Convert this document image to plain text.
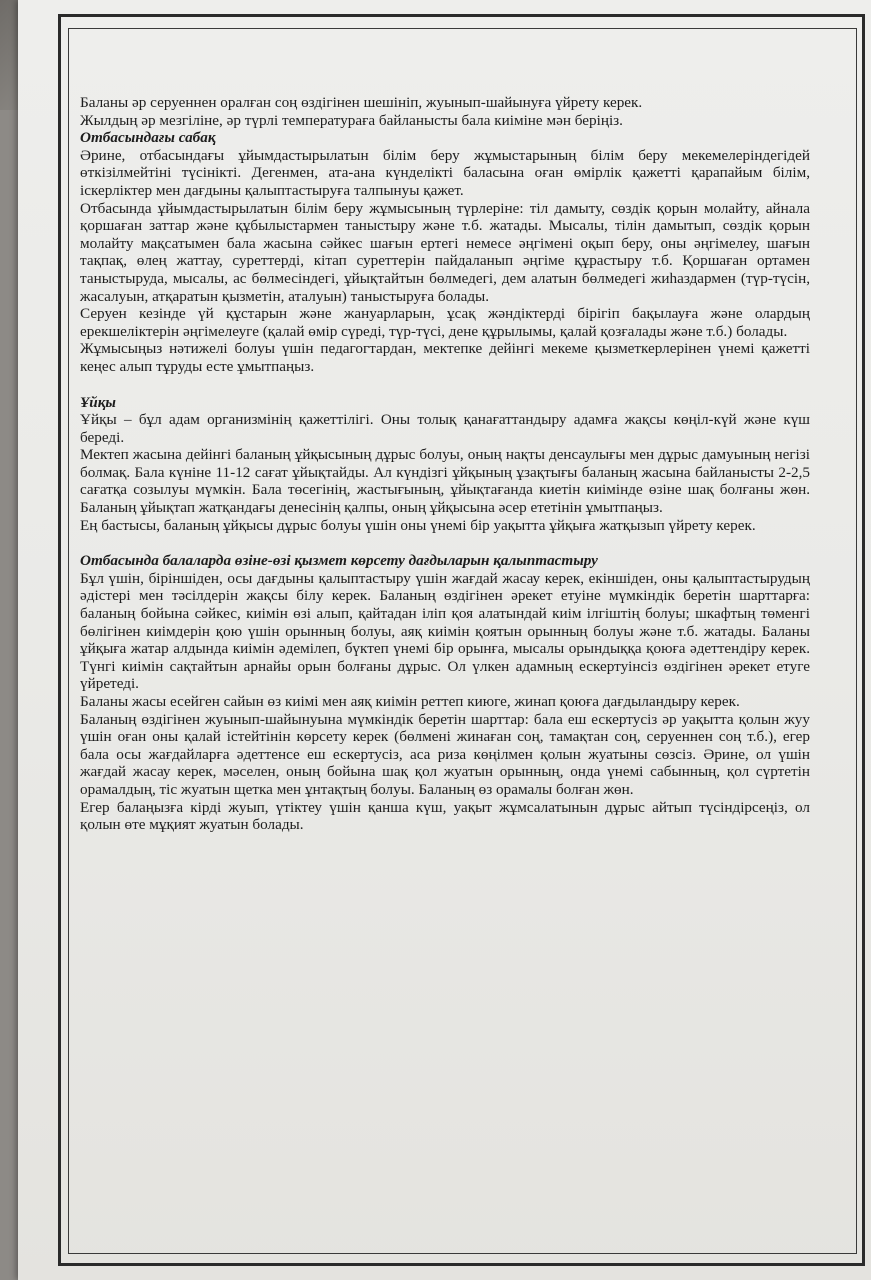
Баланы әр серуеннен оралған соң өздігінен шешініп, жуынып-шайынуға үйрету керек.

Жылдың әр мезгіліне, әр түрлі температураға байланысты бала киіміне мән беріңіз.

Отбасындағы сабақ

Әрине, отбасындағы ұйымдастырылатын білім беру жұмыстарының білім беру мекемелеріндегідей өткізілмейтіні түсінікті. Дегенмен, ата-ана күнделікті баласына оған өмірлік қажетті қарапайым білім, іскерліктер мен дағдыны қалыптастыруға талпынуы қажет.

Отбасында ұйымдастырылатын білім беру жұмысының түрлеріне: тіл дамыту, сөздік қорын молайту, айнала қоршаған заттар және құбылыстармен таныстыру және т.б. жатады. Мысалы, тілін дамытып, сөздік қорын молайту мақсатымен бала жасына сәйкес шағын ертегі немесе әңгімені оқып беру, оны әңгімелеу, шағын тақпақ, өлең жаттау, суреттерді, кітап суреттерін пайдаланып әңгіме құрастыру т.б. Қоршаған ортамен таныстыруда, мысалы, ас бөлмесіндегі, ұйықтайтын бөлмедегі, дем алатын бөлмедегі жиһаздармен (түр-түсін, жасалуын, атқаратын қызметін, аталуын) таныстыруға болады.

Серуен кезінде үй құстарын және жануарларын, ұсақ жәндіктерді бірігіп бақылауға және олардың ерекшеліктерін әңгімелеуге (қалай өмір сүреді, түр-түсі, дене құрылымы, қалай қозғалады және т.б.) болады.

Жұмысыңыз нәтижелі болуы үшін педагогтардан, мектепке дейінгі мекеме қызметкерлерінен үнемі қажетті кеңес алып тұруды есте ұмытпаңыз.

Ұйқы

Ұйқы – бұл адам организмінің қажеттілігі. Оны толық қанағаттандыру адамға жақсы көңіл-күй және күш береді.

Мектеп жасына дейінгі баланың ұйқысының дұрыс болуы, оның нақты денсаулығы мен дұрыс дамуының негізі болмақ. Бала күніне 11-12 сағат ұйықтайды. Ал күндізгі ұйқының ұзақтығы баланың жасына байланысты 2-2,5 сағатқа созылуы мүмкін. Бала төсегінің, жастығының, ұйықтағанда киетін киімінде өзіне шақ болғаны жөн. Баланың ұйықтап жатқандағы денесінің қалпы, оның ұйқысына әсер ететінін ұмытпаңыз.

Ең бастысы, баланың ұйқысы дұрыс болуы үшін оны үнемі бір уақытта ұйқыға жатқызып үйрету керек.

Отбасында балаларда өзіне-өзі қызмет көрсету дағдыларын қалыптастыру

Бұл үшін, біріншіден, осы дағдыны қалыптастыру үшін жағдай жасау керек, екіншіден, оны қалыптастырудың әдістері мен тәсілдерін жақсы білу керек. Баланың өздігінен әрекет етуіне мүмкіндік беретін шарттарға: баланың бойына сәйкес, киімін өзі алып, қайтадан іліп қоя алатындай киім ілгіштің болуы; шкафтың төменгі бөлігінен киімдерін қою үшін орынның болуы, аяқ киімін қоятын орынның болуы және т.б. жатады. Баланы ұйқыға жатар алдында киімін әдемілеп, бүктеп үнемі бір орынға, мысалы орындыққа қоюға әдеттендіру керек. Түнгі киімін сақтайтын арнайы орын болғаны дұрыс. Ол үлкен адамның ескертуінсіз өздігінен әрекет етуге үйретеді.

Баланы жасы есейген сайын өз киімі мен аяқ киімін реттеп киюге, жинап қоюға дағдыландыру керек.

Баланың өздігінен жуынып-шайынуына мүмкіндік беретін шарттар: бала еш ескертусіз әр уақытта қолын жуу үшін оған оны қалай істейтінін көрсету керек (бөлмені жинаған соң, тамақтан соң, серуеннен соң т.б.), егер бала осы жағдайларға әдеттенсе еш ескертусіз, аса риза көңілмен қолын жуатыны сөзсіз. Әрине, ол үшін жағдай жасау керек, мәселен, оның бойына шақ қол жуатын орынның, онда үнемі сабынның, қол сүртетін орамалдың, тіс жуатын щетка мен ұнтақтың болуы. Баланың өз орамалы болған жөн.

Егер балаңызға кірді жуып, үтіктеу үшін қанша күш, уақыт жұмсалатынын дұрыс айтып түсіндірсеңіз, ол қолын өте мұқият жуатын болады.
